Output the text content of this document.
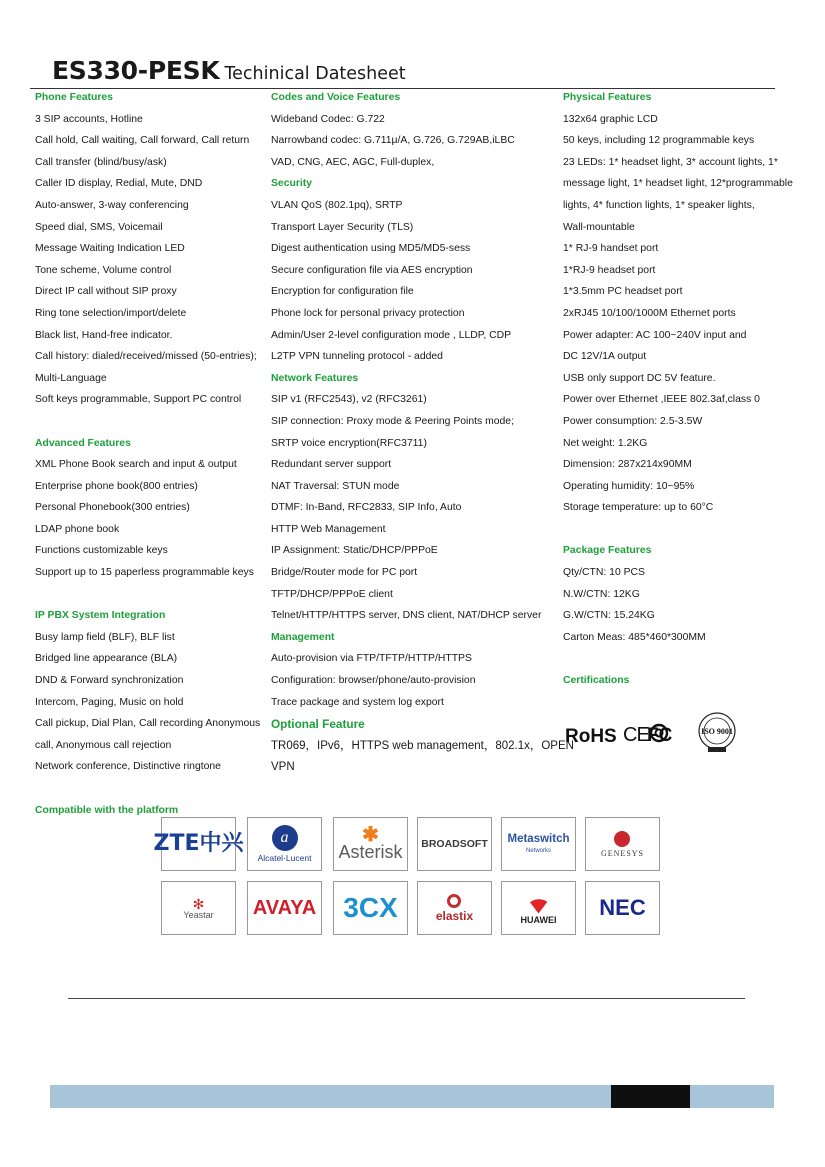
ES330-PESK Techinical Datesheet
Phone Features
3 SIP accounts, Hotline
Call hold, Call waiting, Call forward, Call return
Call transfer (blind/busy/ask)
Caller ID display, Redial, Mute, DND
Auto-answer, 3-way conferencing
Speed dial, SMS, Voicemail
Message Waiting Indication LED
Tone scheme, Volume control
Direct IP call without SIP proxy
Ring tone selection/import/delete
Black list, Hand-free indicator.
Call history: dialed/received/missed (50-entries);
Multi-Language
Soft keys programmable, Support PC control
Advanced Features
XML Phone Book search and input & output
Enterprise phone book(800 entries)
Personal Phonebook(300 entries)
LDAP phone book
Functions customizable keys
Support up to 15 paperless programmable keys
IP PBX System Integration
Busy lamp field (BLF), BLF list
Bridged line appearance (BLA)
DND & Forward synchronization
Intercom, Paging, Music on hold
Call pickup, Dial Plan, Call recording Anonymous
call, Anonymous call rejection
Network conference, Distinctive ringtone
Codes and Voice Features
Wideband Codec: G.722
Narrowband codec: G.711μ/A, G.726, G.729AB,iLBC
VAD, CNG, AEC, AGC, Full-duplex,
Security
VLAN QoS (802.1pq), SRTP
Transport Layer Security (TLS)
Digest authentication using MD5/MD5-sess
Secure configuration file via AES encryption
Encryption for configuration file
Phone lock for personal privacy protection
Admin/User 2-level configuration mode , LLDP, CDP
L2TP VPN tunneling protocol - added
Network Features
SIP v1 (RFC2543), v2 (RFC3261)
SIP connection: Proxy mode & Peering Points mode;
SRTP voice encryption(RFC3711)
Redundant server support
NAT Traversal: STUN mode
DTMF: In-Band, RFC2833, SIP Info, Auto
HTTP Web Management
IP Assignment: Static/DHCP/PPPoE
Bridge/Router mode for PC port
TFTP/DHCP/PPPoE client
Telnet/HTTP/HTTPS server, DNS client, NAT/DHCP server
Management
Auto-provision via FTP/TFTP/HTTP/HTTPS
Configuration: browser/phone/auto-provision
Trace package and system log export
Optional Feature
TR069，IPv6，HTTPS web management，802.1x，OPEN
VPN
Physical Features
132x64 graphic LCD
50 keys, including 12 programmable keys
23 LEDs: 1* headset light, 3* account lights, 1*
message light, 1* headset light, 12*programmable
lights, 4* function lights, 1* speaker lights,
Wall-mountable
1* RJ-9 handset port
1*RJ-9 headset port
1*3.5mm PC headset port
2xRJ45 10/100/1000M Ethernet ports
Power adapter: AC 100~240V input and
DC 12V/1A output
USB only support DC 5V feature.
Power over Ethernet ,IEEE 802.3af,class 0
Power consumption: 2.5-3.5W
Net weight: 1.2KG
Dimension: 287x214x90MM
Operating humidity: 10~95%
Storage temperature: up to 60°C
Package Features
Qty/CTN: 10 PCS
N.W/CTN: 12KG
G.W/CTN: 15.24KG
Carton Meas: 485*460*300MM
Certifications
RoHS CE
FC	ISO 9001
Compatible with the platform
ZTE中兴	a
Alcatel·Lucent
✱
Asterisk BROADSOFT Metaswitch
Networks	GENESYS
✻
Yeastar AVAYA 3CX	elastix	HUAWEI NEC
